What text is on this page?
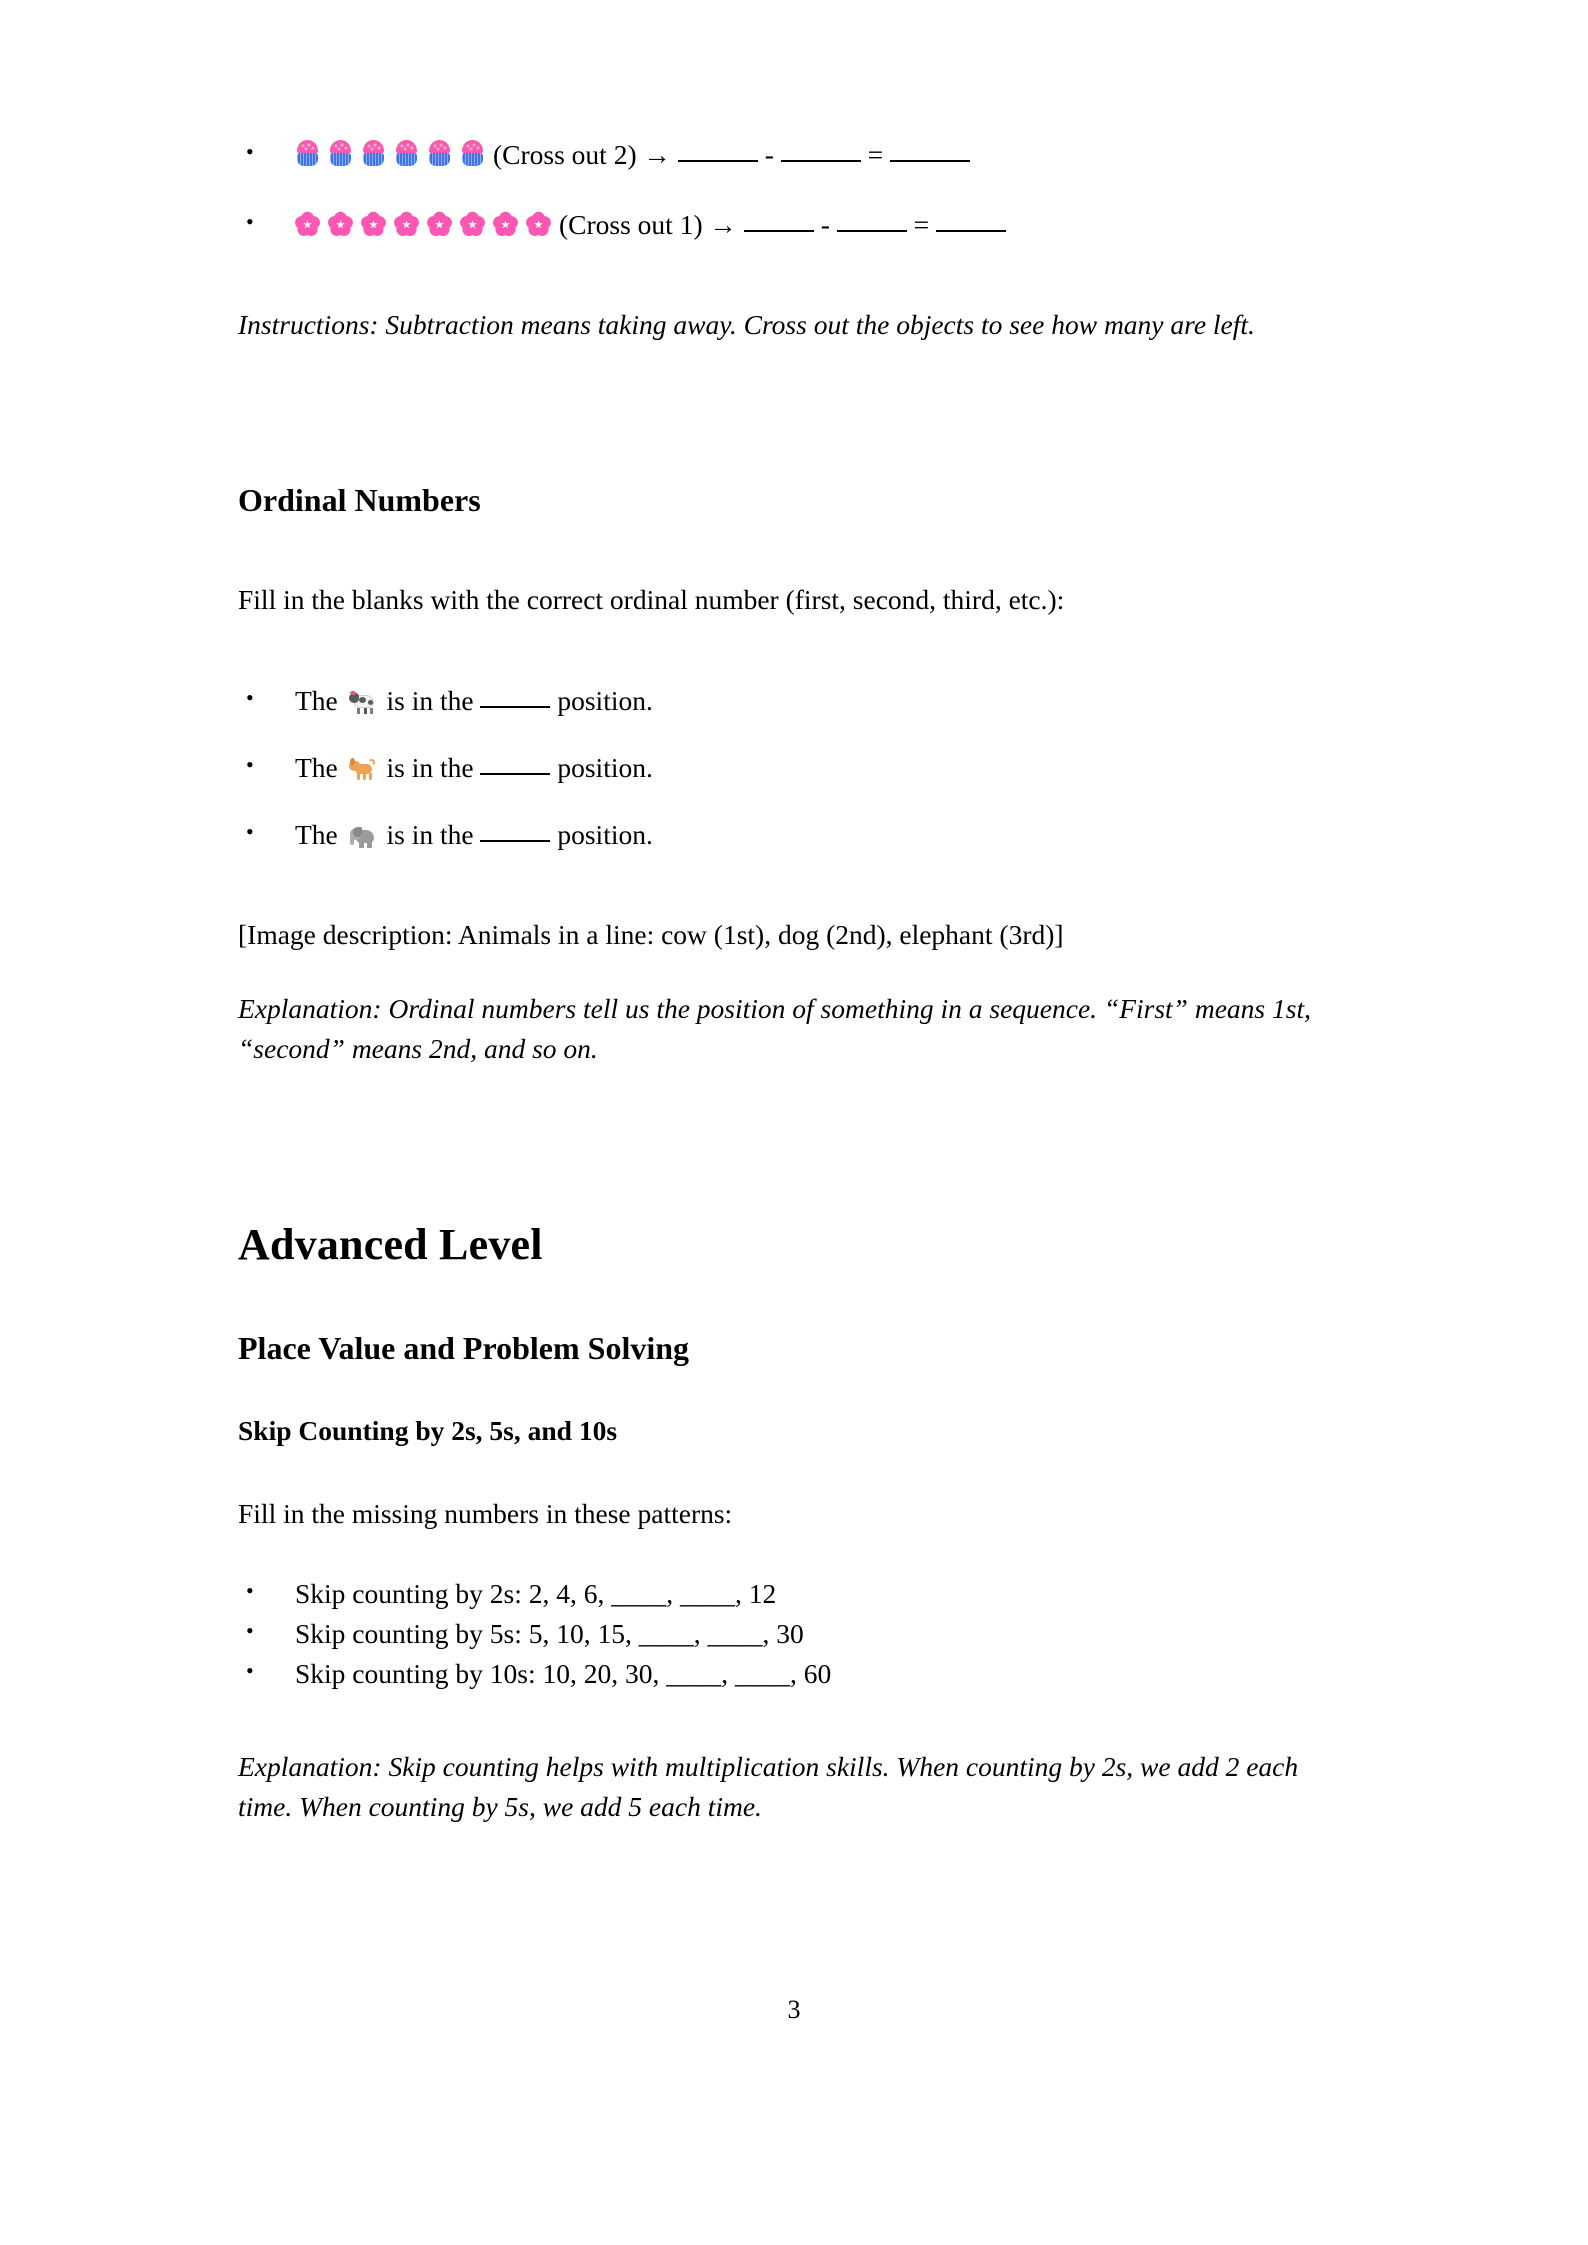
• (Cross out 2) →	-	=
• (Cross out 1) →	-	=

Instructions: Subtraction means taking away. Cross out the objects to see how many are left.

Ordinal Numbers

Fill in the blanks with the correct ordinal number (first, second, third, etc.):

• The is in the	position.
• The is in the	position.
• The is in the	position.

[Image description: Animals in a line: cow (1st), dog (2nd), elephant (3rd)]

Explanation: Ordinal numbers tell us the position of something in a sequence. “First” means 1st, “second” means 2nd, and so on.

Advanced Level
Place Value and Problem Solving
Skip Counting by 2s, 5s, and 10s

Fill in the missing numbers in these patterns:

• Skip counting by 2s: 2, 4, 6, ____, ____, 12
• Skip counting by 5s: 5, 10, 15, ____, ____, 30
• Skip counting by 10s: 10, 20, 30, ____, ____, 60

Explanation: Skip counting helps with multiplication skills. When counting by 2s, we add 2 each time. When counting by 5s, we add 5 each time.

3
